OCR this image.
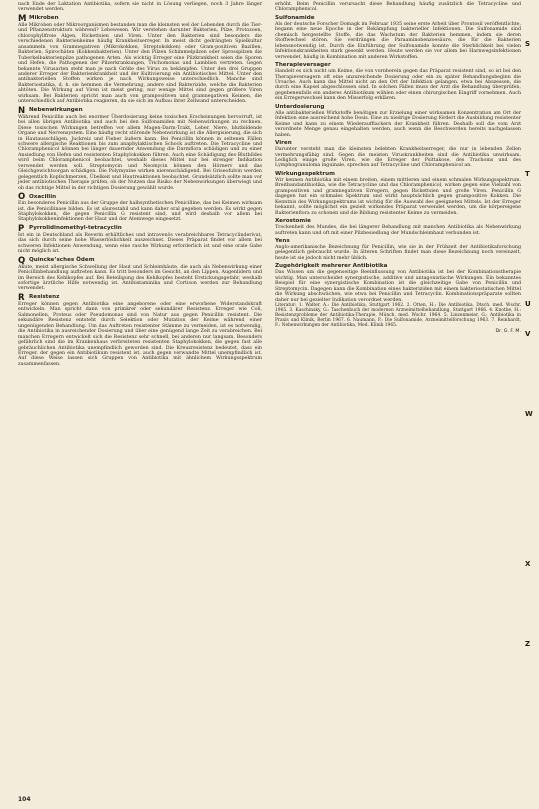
nach Ende der Laktation Antibiotika, sofern sie nicht in Lösung verliegen, noch 3 Jahre länger verwendet werden.

M Mikroben

Alle Mikroben oder Mikroorganismen bestanden man die kleinsten wel der Lebenden durch die Tier- und Pflanzenstrukturs während? Lebewesen. Wir verstehen darunter Bakterien, Pilze, Protozoen, chlorophyllfreie Algen, Rickettsien und Viren. Unter den Bakterien sind besonders die verschiedenen Bakterienkeime häufig Krankheitserreger. In meist dicht gedrängten Spielkultur ansammeln von Gramnegativen (Mikrokokken, Streptokokken) oder Gram-positiven Bazillen, Bakterien, Spirochäten (Kokkenbakterien). Unter den Pilzen Schimmelpilzen oder Sprosspilzen die Tuberkelbakterienpilze pathogenen Arten. Als wichtig Erreger eine Pilzkrankheit seien die Sporen und Hefen, die Pathogenen der Pilzerkrankungen, Trichomonas und Lamblien vertreten. Gegen bekannte Virusarten steht man je nach Größe des Virus zu bekämpfen. Unter den drei Gruppen anderer Erreger der Bakterienkrankheit und der Kultivierung ein Antibiotisches Mittel. Unter den antibakteriellen Stoffen wirken je nach Wirkungsweise unterschiedlich. Manche sind Bakteriostatika, d. h. sie hemmen die Vermehrung, andere sind Bakterizide, welche die Bakterien abtöten. Die Wirkung auf Viren ist meist gering, nur wenige Mittel sind gegen größere Viren wirksam. Bei Bakterien spricht man auch von grampositiven und gramnegativen Keimen, die unterschiedlich auf Antibiotika reagieren, da sie sich im Aufbau ihrer Zellwand unterscheiden.

N Nebenwirkungen

Während Penicillin auch bei enormer Überdosierung keine toxischen Erscheinungen hervorruft, ist bei allen übrigen Antibiotika und auch bei den Sulfonamiden mit Nebenwirkungen zu rechnen. Diese toxischen Wirkungen betreffen vor allem Magen-Darm-Trakt, Leber, Niere, blutbildende Organe und Nervensystem. Eine häufig recht störende Nebenwirkung ist die Allergisierung, die sich in Hautausschlägen, Juckreiz und Fieber äußern kann. Bei Penicillin können in seltenen Fällen schwere allergische Reaktionen bis zum anaphylaktischen Schock auftreten. Die Tetracycline und Chloramphenicol können bei länger dauernder Anwendung die Darmflora schädigen und zu einer Ansiedlung von Hefen und resistenten Staphylokokken führen. Auch eine Schädigung des Blutbildes wird beim Chloramphenicol beobachtet, weshalb dieses Mittel nur bei strenger Indikation verwendet werden soll. Streptomycin und Neomycin können den Hörnerv und das Gleichgewichtsorgan schädigen. Die Polymyxine wirken nierenschädigend. Bei Griseofulvin werden gelegentlich Kopfschmerzen, Übelkeit und Hautreaktionen beobachtet. Grundsätzlich sollte man vor jeder antibiotischen Therapie prüfen, ob der Nutzen das Risiko der Nebenwirkungen überwiegt und ob das richtige Mittel in der richtigen Dosierung gewählt wurde.

O Oxacillin

Ein besonderes Penicillin aus der Gruppe der halbsynthetischen Penicilline, das bei Keimen wirksam ist, die Penicillinase bilden. Es ist säurestabil und kann daher oral gegeben werden. Es wirkt gegen Staphylokokken, die gegen Penicillin G resistent sind, und wird deshalb vor allem bei Staphylokokkeninfektionen der Haut und der Atemwege eingesetzt.

P Pyrrolidinomethyl-tetracyclin

Ist ein in Deutschland als Reverin erhältliches und intravenös verabreichbares Tetracyclinderivat, das sich durch seine hohe Wasserlöslichkeit auszeichnet. Dieses Präparat findet vor allem bei schweren Infektionen Anwendung, wenn eine rasche Wirkung erforderlich ist und eine orale Gabe nicht möglich ist.

Q Quincke’sches Ödem

Akute, meist allergische Schwellung der Haut und Schleimhäute, die auch als Nebenwirkung einer Penicillinbehandlung auftreten kann. Es tritt besonders im Gesicht, an den Lippen, Augenlidern und im Bereich des Kehlkopfes auf. Bei Beteiligung des Kehlkopfes besteht Erstickungsgefahr, weshalb sofortige ärztliche Hilfe notwendig ist. Antihistaminika und Cortison werden zur Behandlung verwendet.

R Resistenz

Erreger können gegen Antibiotika eine angeborene oder eine erworbene Widerstandskraft entwickeln. Man spricht dann von primärer oder sekundärer Resistenz. Erreger wie Coli, Salmonellen, Proteus oder Pseudomonas sind von Natur aus gegen Penicillin resistent. Die sekundäre Resistenz entsteht durch Selektion oder Mutation der Keime während einer ungenügenden Behandlung. Um das Auftreten resistenter Stämme zu vermeiden, ist es notwendig, die Antibiotika in ausreichender Dosierung und über eine genügend lange Zeit zu verabreichen. Bei manchen Erregern entwickelt sich die Resistenz sehr schnell, bei anderen nur langsam. Besonders gefährlich sind die im Krankenhaus verbreiteten resistenten Staphylokokken, die gegen fast alle gebräuchlichen Antibiotika unempfindlich geworden sind. Die Kreuzresistenz bedeutet, dass ein Erreger, der gegen ein Antibiotikum resistent ist, auch gegen verwandte Mittel unempfindlich ist. Auf diese Weise lassen sich Gruppen von Antibiotika mit ähnlichem Wirkungsspektrum zusammenfassen.

erhöht. Beim Penicillin verursacht diese Behandlung häufig zusätzlich die Tetracycline und Chloramphenicol.

Sulfonamide

Als der deutsche Forscher Domagk im Februar 1935 seine erste Arbeit über Prontosil veröffentlichte, begann eine neue Epoche in der Bekämpfung bakterieller Infektionen. Die Sulfonamide sind chemisch hergestellte Stoffe, die das Wachstum der Bakterien hemmen, indem sie deren Stoffwechsel stören. Sie verdrängen die Paraaminobenzoesäure, die für die Bakterien lebensnotwendig ist. Durch die Einführung der Sulfonamide konnte die Sterblichkeit bei vielen Infektionskrankheiten stark gesenkt werden. Heute werden sie vor allem bei Harnwegsinfektionen verwendet, häufig in Kombination mit anderen Wirkstoffen.

Therapieversager

Handelt es sich nicht um Keime, die von vornherein gegen das Präparat resistent sind, so ist bei den Therapieversagern oft eine unzureichende Dosierung oder ein zu später Behandlungsbeginn die Ursache. Auch kann das Mittel nicht an den Ort der Infektion gelangen, etwa bei Abszessen, die durch eine Kapsel abgeschlossen sind. In solchen Fällen muss der Arzt die Behandlung überprüfen, gegebenenfalls ein anderes Antibiotikum wählen oder einen chirurgischen Eingriff vornehmen. Auch ein Erregerwechsel kann den Misserfolg erklären.

Unterdosierung

Alle antibakteriellen Wirkstoffe benötigen zur Erzielung einer wirksamen Konzentration am Ort der Infektion eine ausreichend hohe Dosis. Eine zu niedrige Dosierung fördert die Ausbildung resistenter Keime und kann zu einem Wiederaufflackern der Krankheit führen. Deshalb soll die vom Arzt verordnete Menge genau eingehalten werden, auch wenn die Beschwerden bereits nachgelassen haben.

Viren

Darunter versteht man die kleinsten belebten Krankheitserreger, die nur in lebenden Zellen vermehrungsfähig sind. Gegen die meisten Viruskrankheiten sind die Antibiotika unwirksam. Lediglich einige große Viren, wie die Erreger der Psittakose, des Trachoms und des Lymphogranuloma inguinale, sprechen auf Tetracycline und Chloramphenicol an.

Wirkungsspektrum

Wir kennen Antibiotika mit einem breiten, einem mittleren und einem schmalen Wirkungsspektrum. Breitbandantibiotika, wie die Tetracycline und das Chloramphenicol, wirken gegen eine Vielzahl von grampositiven und gramnegativen Erregern, gegen Rickettsien und große Viren. Penicillin G dagegen hat ein schmales Spektrum und wirkt hauptsächlich gegen grampositive Kokken. Die Kenntnis des Wirkungsspektrums ist wichtig für die Auswahl des geeigneten Mittels. Ist der Erreger bekannt, sollte möglichst ein gezielt wirkendes Präparat verwendet werden, um die körpereigene Bakterienflora zu schonen und die Bildung resistenter Keime zu vermeiden.

Xerostomie

Trockenheit des Mundes, die bei längerer Behandlung mit manchen Antibiotika als Nebenwirkung auftreten kann und oft mit einer Pilzbesiedlung der Mundschleimhaut verbunden ist.

Yens

Anglo-amerikanische Bezeichnung für Penicillin, wie sie in der Frühzeit der Antibiotikaforschung gelegentlich gebraucht wurde. In älteren Schriften findet man diese Bezeichnung noch vereinzelt, heute ist sie jedoch nicht mehr üblich.

Zugehörigkeit mehrerer Antibiotika

Das Wissen um die gegenseitige Beeinflussung von Antibiotika ist bei der Kombinationstherapie wichtig. Man unterscheidet synergistische, additive und antagonistische Wirkungen. Ein bekanntes Beispiel für eine synergistische Kombination ist die gleichzeitige Gabe von Penicillin und Streptomycin. Dagegen kann die Kombination eines bakteriziden mit einem bakteriostatischen Mittel die Wirkung abschwächen, wie etwa bei Penicillin und Tetracyclin. Kombinationspräparate sollten daher nur bei gezielter Indikation verordnet werden.

Literatur: 1. Walter, A.: Die Antibiotika, Stuttgart 1962. 2. Otten, H.: Die Antibiotika, Dtsch. med. Wschr. 1965. 3. Kuschinsky, G.: Taschenbuch der modernen Arzneimittelbehandlung, Stuttgart 1966. 4. Knothe, H.: Resistenzprobleme der Antibiotika-Therapie, Münch. med. Wschr. 1964. 5. Linzenmeier, G.: Antibiotika in Praxis und Klinik, Berlin 1967. 6. Naumann, P.: Die Sulfonamide, Arzneimittelforschung 1963. 7. Reinhardt, F.: Nebenwirkungen der Antibiotika, Med. Klinik 1965.

Dr. G. F. M.

S
T
U
V
W
X
Z
104
